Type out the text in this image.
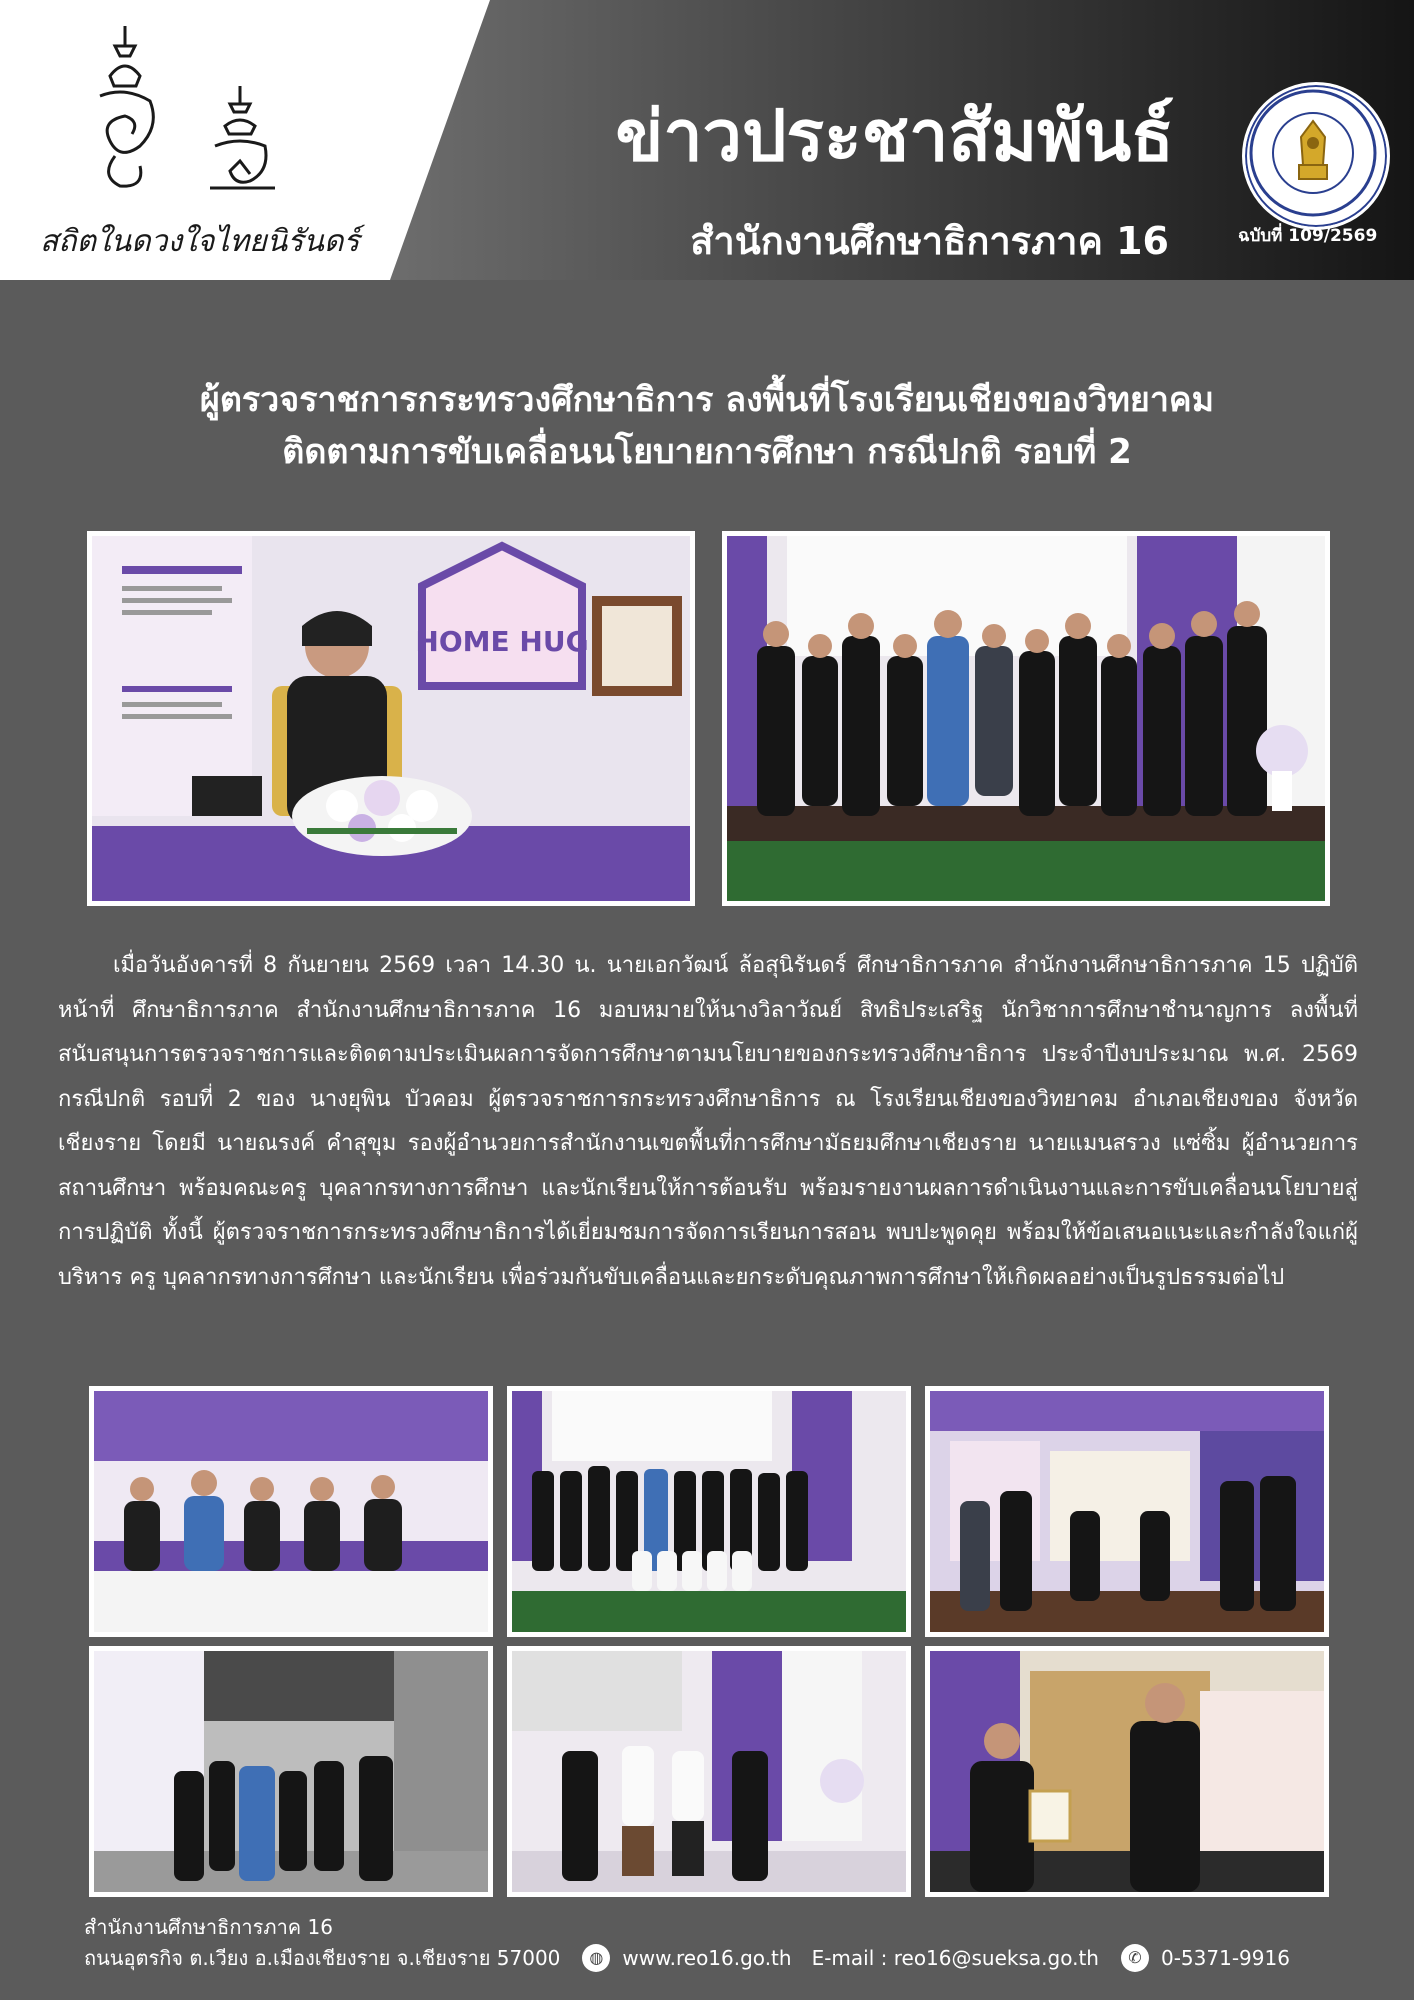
สถิตในดวงใจไทยนิรันดร์
ข่าวประชาสัมพันธ์
สำนักงานศึกษาธิการภาค 16	ฉบับที่ 109/2569
ผู้ตรวจราชการกระทรวงศึกษาธิการ ลงพื้นที่โรงเรียนเชียงของวิทยาคม
ติดตามการขับเคลื่อนนโยบายการศึกษา กรณีปกติ รอบที่ 2
HOME HUG
เมื่อวันอังคารที่ 8 กันยายน 2569 เวลา 14.30 น. นายเอกวัฒน์ ล้อสุนิรันดร์ ศึกษาธิการภาค สำนักงานศึกษาธิการภาค 15 ปฏิบัติหน้าที่ ศึกษาธิการภาค สำนักงานศึกษาธิการภาค 16 มอบหมายให้นางวิลาวัณย์ สิทธิประเสริฐ นักวิชาการศึกษาชำนาญการ ลงพื้นที่สนับสนุนการตรวจราชการและติดตามประเมินผลการจัดการศึกษาตามนโยบายของกระทรวงศึกษาธิการ ประจำปีงบประมาณ พ.ศ. 2569 กรณีปกติ รอบที่ 2 ของ นางยุพิน บัวคอม ผู้ตรวจราชการกระทรวงศึกษาธิการ ณ โรงเรียนเชียงของวิทยาคม อำเภอเชียงของ จังหวัดเชียงราย โดยมี นายณรงค์ คำสุขุม รองผู้อำนวยการสำนักงานเขตพื้นที่การศึกษามัธยมศึกษาเชียงราย นายแมนสรวง แซ่ซิ้ม ผู้อำนวยการสถานศึกษา พร้อมคณะครู บุคลากรทางการศึกษา และนักเรียนให้การต้อนรับ พร้อมรายงานผลการดำเนินงานและการขับเคลื่อนนโยบายสู่การปฏิบัติ ทั้งนี้ ผู้ตรวจราชการกระทรวงศึกษาธิการได้เยี่ยมชมการจัดการเรียนการสอน พบปะพูดคุย พร้อมให้ข้อเสนอแนะและกำลังใจแก่ผู้บริหาร ครู บุคลากรทางการศึกษา และนักเรียน เพื่อร่วมกันขับเคลื่อนและยกระดับคุณภาพการศึกษาให้เกิดผลอย่างเป็นรูปธรรมต่อไป
สำนักงานศึกษาธิการภาค 16
ถนนอุตรกิจ ต.เวียง อ.เมืองเชียงราย จ.เชียงราย 57000	◍ www.reo16.go.th E-mail : reo16@sueksa.go.th	✆ 0-5371-9916
